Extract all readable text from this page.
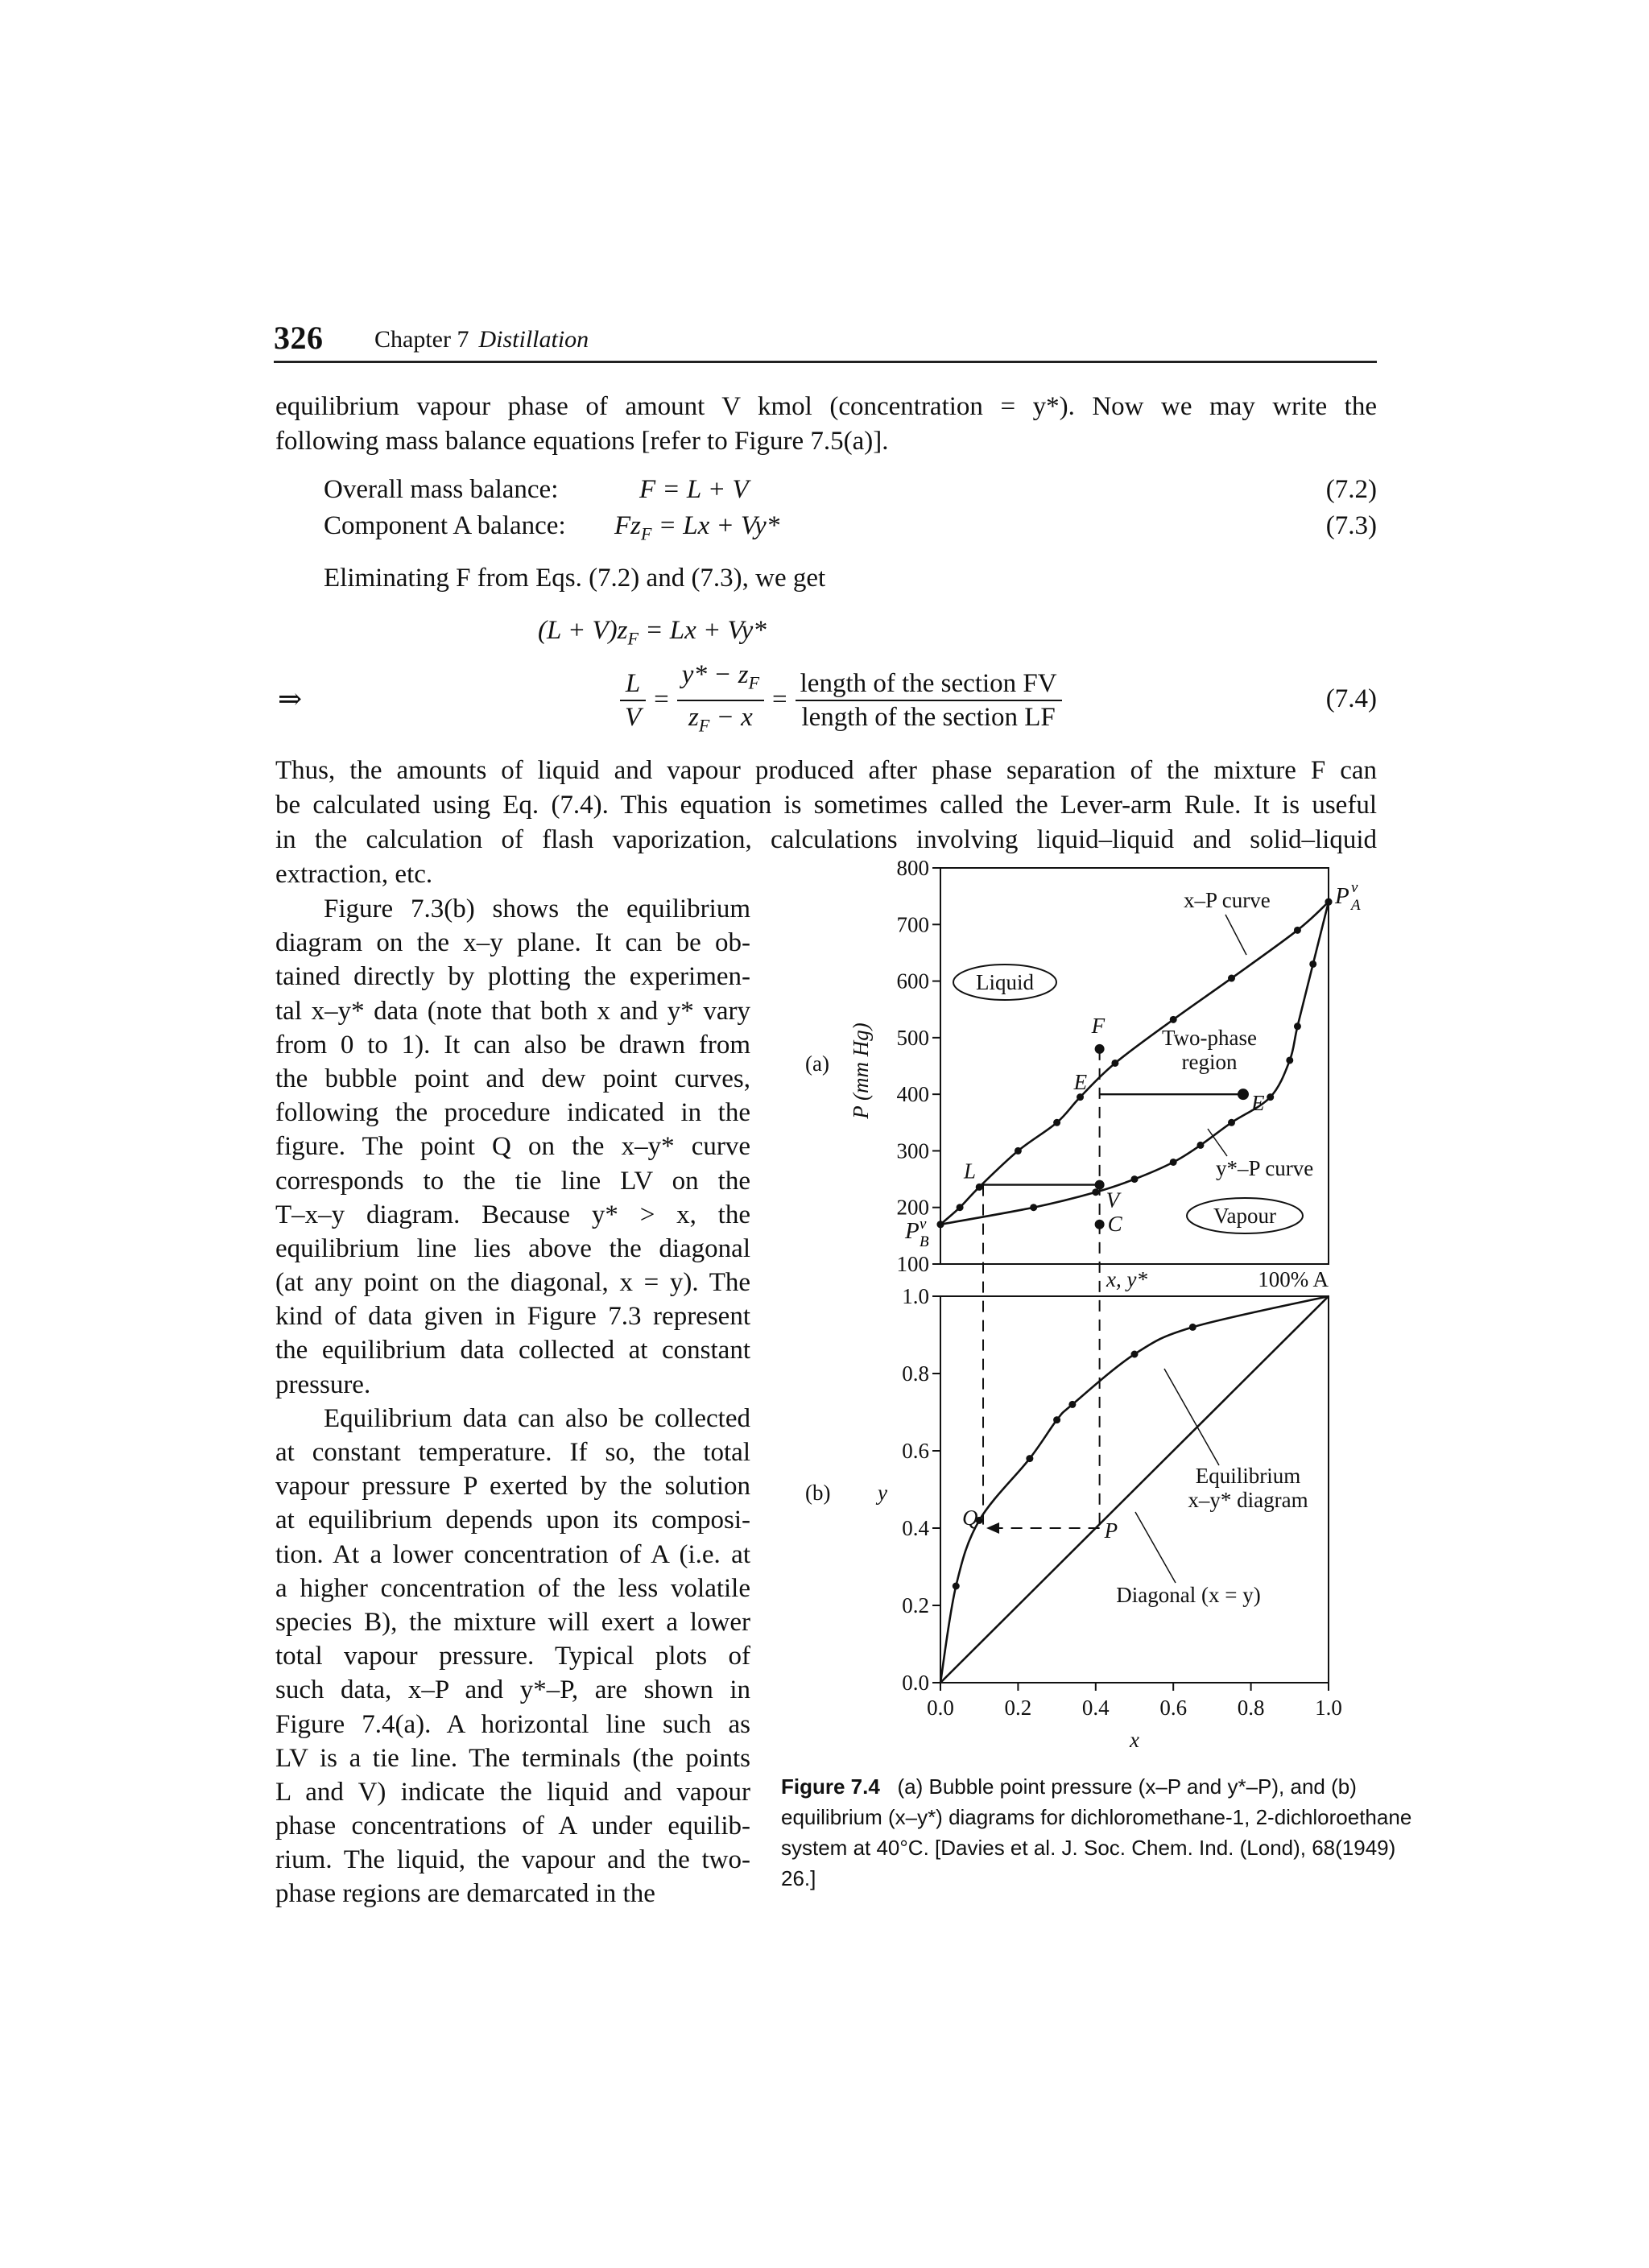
326 Chapter 7 Distillation
equilibrium vapour phase of amount V kmol (concentration = y*). Now we may write the
following mass balance equations [refer to Figure 7.5(a)].
Overall mass balance:	F = L + V	(7.2)
Component A balance: $Fz_F = Lx + Vy*$	(7.3)
Eliminating F from Eqs. (7.2) and (7.3), we get
$(L + V)z_F = Lx + Vy*$
⇒	$\frac{L}{V} = \frac{y* - z_F}{z_F - x} = \frac{\text{length of the section FV}}{\text{length of the section LF}}$	(7.4)
Thus, the amounts of liquid and vapour produced after phase separation of the mixture F can
be calculated using Eq. (7.4). This equation is sometimes called the Lever-arm Rule. It is useful
in the calculation of flash vaporization, calculations involving liquid–liquid and solid–liquid
extraction, etc.
Figure 7.3(b) shows the equilibrium
diagram on the x–y plane. It can be ob-
tained directly by plotting the experimen-
tal x–y* data (note that both x and y* vary
from 0 to 1). It can also be drawn from
the bubble point and dew point curves,
following the procedure indicated in the
figure. The point Q on the x–y* curve
corresponds to the tie line LV on the
T–x–y diagram. Because y* > x, the
equilibrium line lies above the diagonal
(at any point on the diagonal, x = y). The
kind of data given in Figure 7.3 represent
the equilibrium data collected at constant
pressure.
Equilibrium data can also be collected
at constant temperature. If so, the total
vapour pressure P exerted by the solution
at equilibrium depends upon its composi-
tion. At a lower concentration of A (i.e. at
a higher concentration of the less volatile
species B), the mixture will exert a lower
total vapour pressure. Typical plots of
such data, x–P and y*–P, are shown in
Figure 7.4(a). A horizontal line such as
LV is a tie line. The terminals (the points
L and V) indicate the liquid and vapour
phase concentrations of A under equilib-
rium. The liquid, the vapour and the two-
phase regions are demarcated in the
100
200
300
400
500
600
700
800
0.0
0.2
0.4
0.6
0.8
1.0
0.0 0.2 0.4 0.6 0.8 1.0
L
V
E
E′
F
C
Q
P
Liquid
Vapour
x–P curve
Two-phase
region
y*–P curve
Equilibrium
x–y* diagram
Diagonal (x = y)
P v
A
P v
B
P (mm Hg)
(a)
(b) y
x
x, y*	100% A
Figure 7.4 (a) Bubble point pressure (x–P and y*–P), and (b)
equilibrium (x–y*) diagrams for dichloromethane-1, 2-dichloroethane
system at 40°C. [Davies et al. J. Soc. Chem. Ind. (Lond), 68(1949)
26.]
